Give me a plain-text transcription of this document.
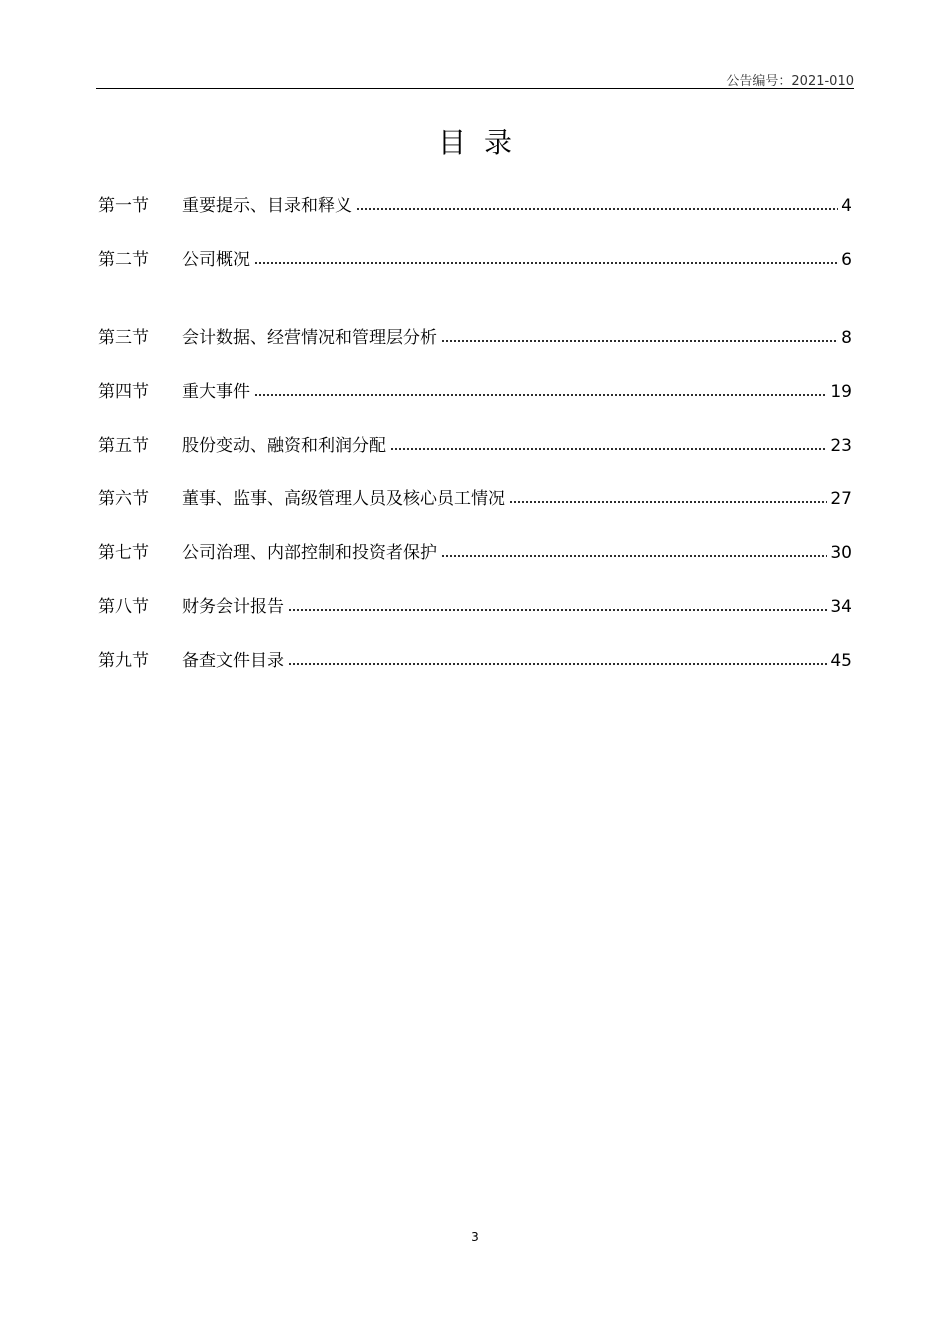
公告编号：2021-010
目录
第一节	重要提示、目录和释义	4
第二节	公司概况	6
第三节	会计数据、经营情况和管理层分析	8
第四节	重大事件	19
第五节	股份变动、融资和利润分配	23
第六节	董事、监事、高级管理人员及核心员工情况	27
第七节	公司治理、内部控制和投资者保护	30
第八节	财务会计报告	34
第九节	备查文件目录	45
3
